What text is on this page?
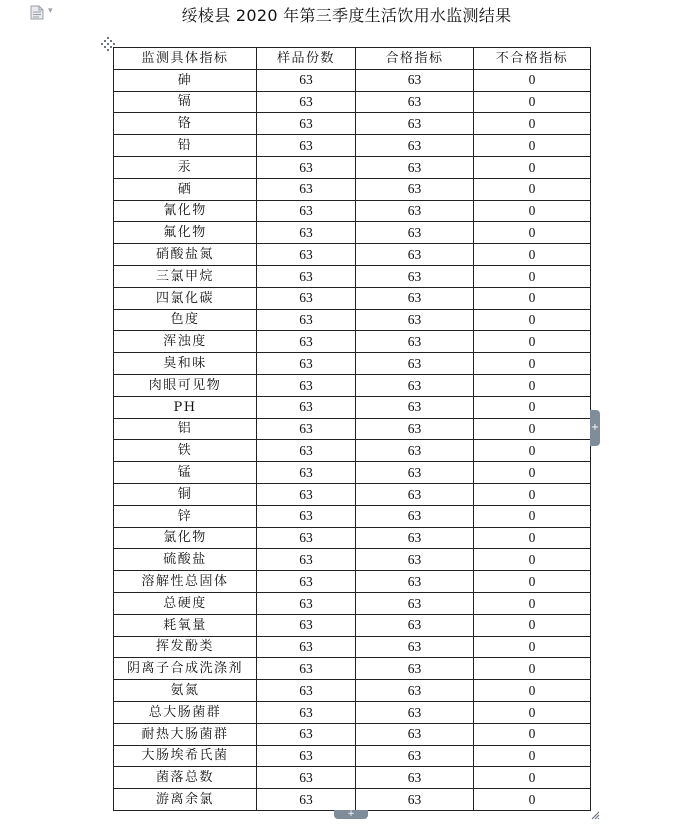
▾	绥棱县 2020 年第三季度生活饮用水监测结果
监测具体指标	样品份数	合格指标	不合格指标
砷	63	63	0
镉	63	63	0
铬	63	63	0
铅	63	63	0
汞	63	63	0
硒	63	63	0
氰化物	63	63	0
氟化物	63	63	0
硝酸盐氮	63	63	0
三氯甲烷	63	63	0
四氯化碳	63	63	0
色度	63	63	0
浑浊度	63	63	0
臭和味	63	63	0
肉眼可见物	63	63	0
PH	63	63	0
铝	63	63	0
铁	63	63	0
锰	63	63	0
铜	63	63	0
锌	63	63	0
氯化物	63	63	0
硫酸盐	63	63	0
溶解性总固体	63	63	0
总硬度	63	63	0
耗氧量	63	63	0
挥发酚类	63	63	0
阴离子合成洗涤剂	63	63	0
氨氮	63	63	0
总大肠菌群	63	63	0
耐热大肠菌群	63	63	0
大肠埃希氏菌	63	63	0
菌落总数	63	63	0
游离余氯	63	63	0
+
+
